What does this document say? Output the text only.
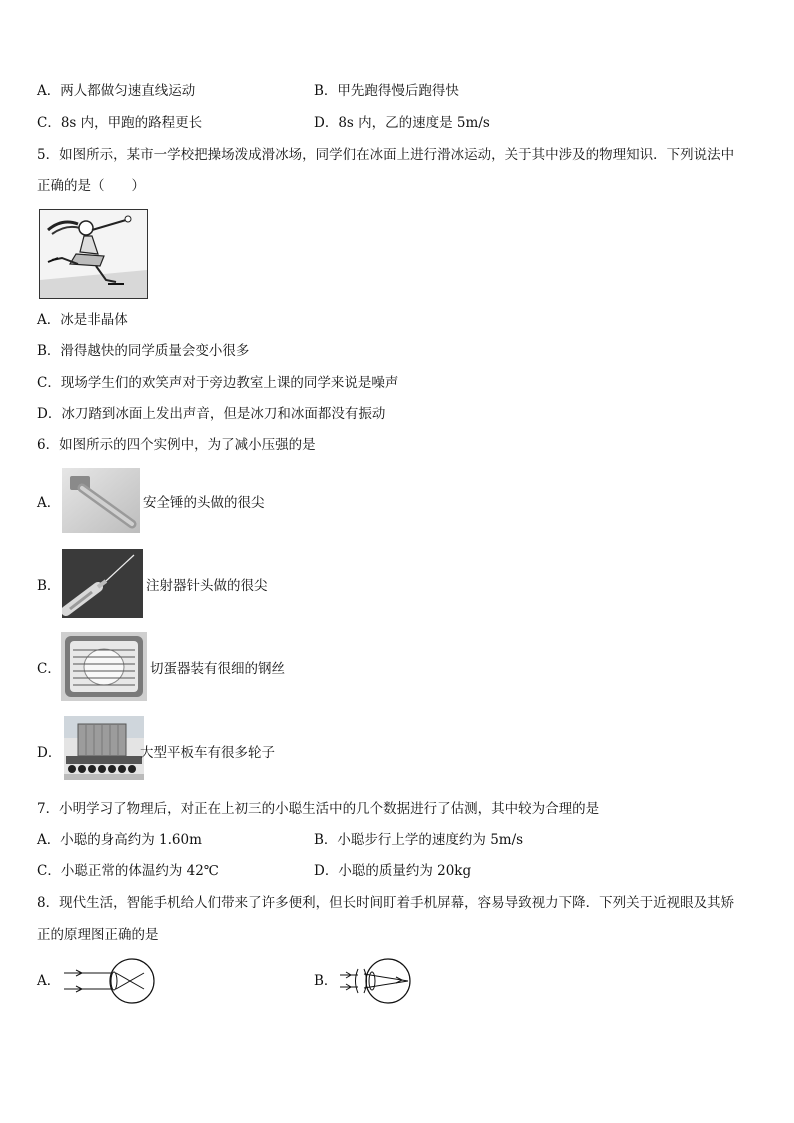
A．两人都做匀速直线运动	B．甲先跑得慢后跑得快
C．8s 内，甲跑的路程更长	D．8s 内，乙的速度是 5m/s
5．如图所示，某市一学校把操场泼成滑冰场，同学们在冰面上进行滑冰运动，关于其中涉及的物理知识．下列说法中
正确的是（　　）
A．冰是非晶体
B．滑得越快的同学质量会变小很多
C．现场学生们的欢笑声对于旁边教室上课的同学来说是噪声
D．冰刀踏到冰面上发出声音，但是冰刀和冰面都没有振动
6．如图所示的四个实例中，为了减小压强的是
A．	安全锤的头做的很尖
B．	注射器针头做的很尖
C．	切蛋器装有很细的钢丝
D．	大型平板车有很多轮子
7．小明学习了物理后，对正在上初三的小聪生活中的几个数据进行了估测，其中较为合理的是
A．小聪的身高约为 1.60m	B．小聪步行上学的速度约为 5m/s
C．小聪正常的体温约为 42℃	D．小聪的质量约为 20kg
8．现代生活，智能手机给人们带来了许多便利，但长时间盯着手机屏幕，容易导致视力下降．下列关于近视眼及其矫
正的原理图正确的是
A．	B．
